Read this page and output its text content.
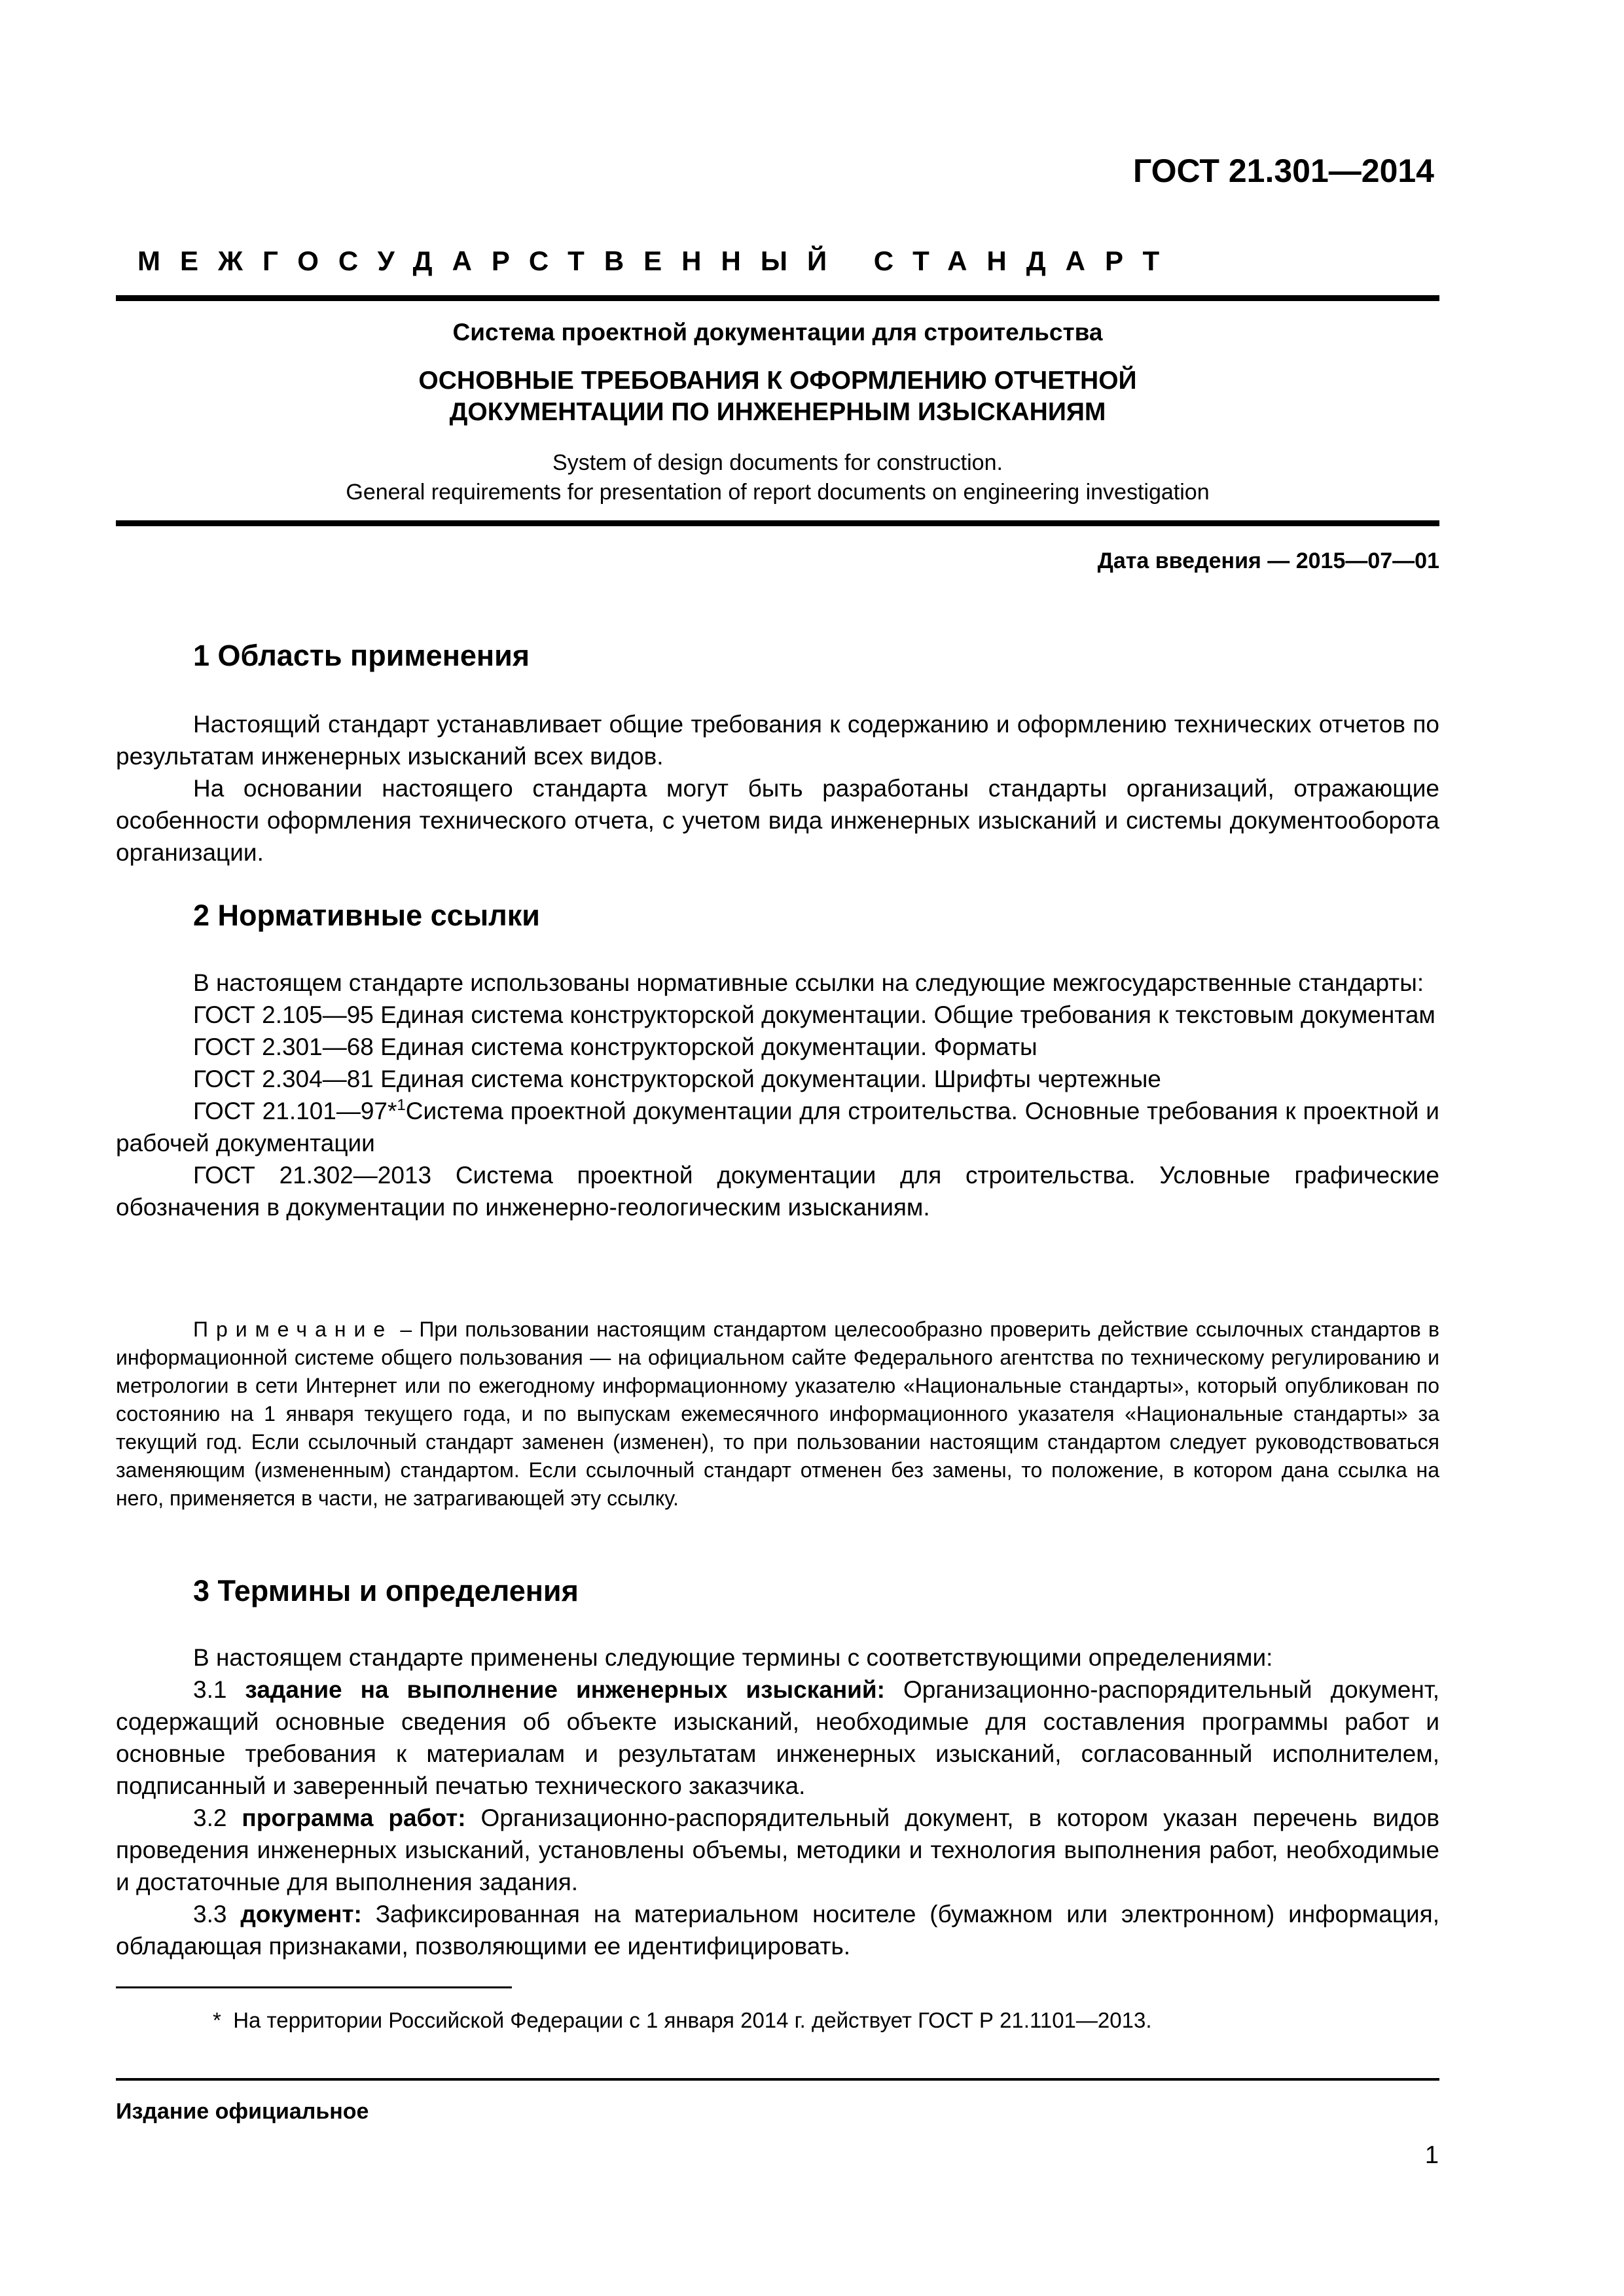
ГОСТ 21.301—2014
МЕЖГОСУДАРСТВЕННЫЙ СТАНДАРТ
Система проектной документации для строительства
ОСНОВНЫЕ ТРЕБОВАНИЯ К ОФОРМЛЕНИЮ ОТЧЕТНОЙ
ДОКУМЕНТАЦИИ ПО ИНЖЕНЕРНЫМ ИЗЫСКАНИЯМ
System of design documents for construction.
General requirements for presentation of report documents on engineering investigation
Дата введения — 2015—07—01
1 Область применения

Настоящий стандарт устанавливает общие требования к содержанию и оформлению технических отчетов по результатам инженерных изысканий всех видов.

На основании настоящего стандарта могут быть разработаны стандарты организаций, отражающие особенности оформления технического отчета, с учетом вида инженерных изысканий и системы документооборота организации.

2 Нормативные ссылки

В настоящем стандарте использованы нормативные ссылки на следующие межгосударственные стандарты:

ГОСТ 2.105—95 Единая система конструкторской документации. Общие требования к текстовым документам

ГОСТ 2.301—68 Единая система конструкторской документации. Форматы

ГОСТ 2.304—81 Единая система конструкторской документации. Шрифты чертежные

ГОСТ 21.101—97*$^1$Система проектной документации для строительства. Основные требования к проектной и рабочей документации

ГОСТ 21.302—2013 Система проектной документации для строительства. Условные графические обозначения в документации по инженерно-геологическим изысканиям.

Примечание – При пользовании настоящим стандартом целесообразно проверить действие ссылочных стандартов в информационной системе общего пользования — на официальном сайте Федерального агентства по техническому регулированию и метрологии в сети Интернет или по ежегодному информационному указателю «Национальные стандарты», который опубликован по состоянию на 1 января текущего года, и по выпускам ежемесячного информационного указателя «Национальные стандарты» за текущий год. Если ссылочный стандарт заменен (изменен), то при пользовании настоящим стандартом следует руководствоваться заменяющим (измененным) стандартом. Если ссылочный стандарт отменен без замены, то положение, в котором дана ссылка на него, применяется в части, не затрагивающей эту ссылку.

3 Термины и определения

В настоящем стандарте применены следующие термины с соответствующими определениями:

3.1 задание на выполнение инженерных изысканий: Организационно-распорядительный документ, содержащий основные сведения об объекте изысканий, необходимые для составления программы работ и основные требования к материалам и результатам инженерных изысканий, согласованный исполнителем, подписанный и заверенный печатью технического заказчика.

3.2 программа работ: Организационно-распорядительный документ, в котором указан перечень видов проведения инженерных изысканий, установлены объемы, методики и технология выполнения работ, необходимые и достаточные для выполнения задания.

3.3 документ: Зафиксированная на материальном носителе (бумажном или электронном) информация, обладающая признаками, позволяющими ее идентифицировать.

* На территории Российской Федерации с 1 января 2014 г. действует ГОСТ Р 21.1101—2013.
Издание официальное
1
